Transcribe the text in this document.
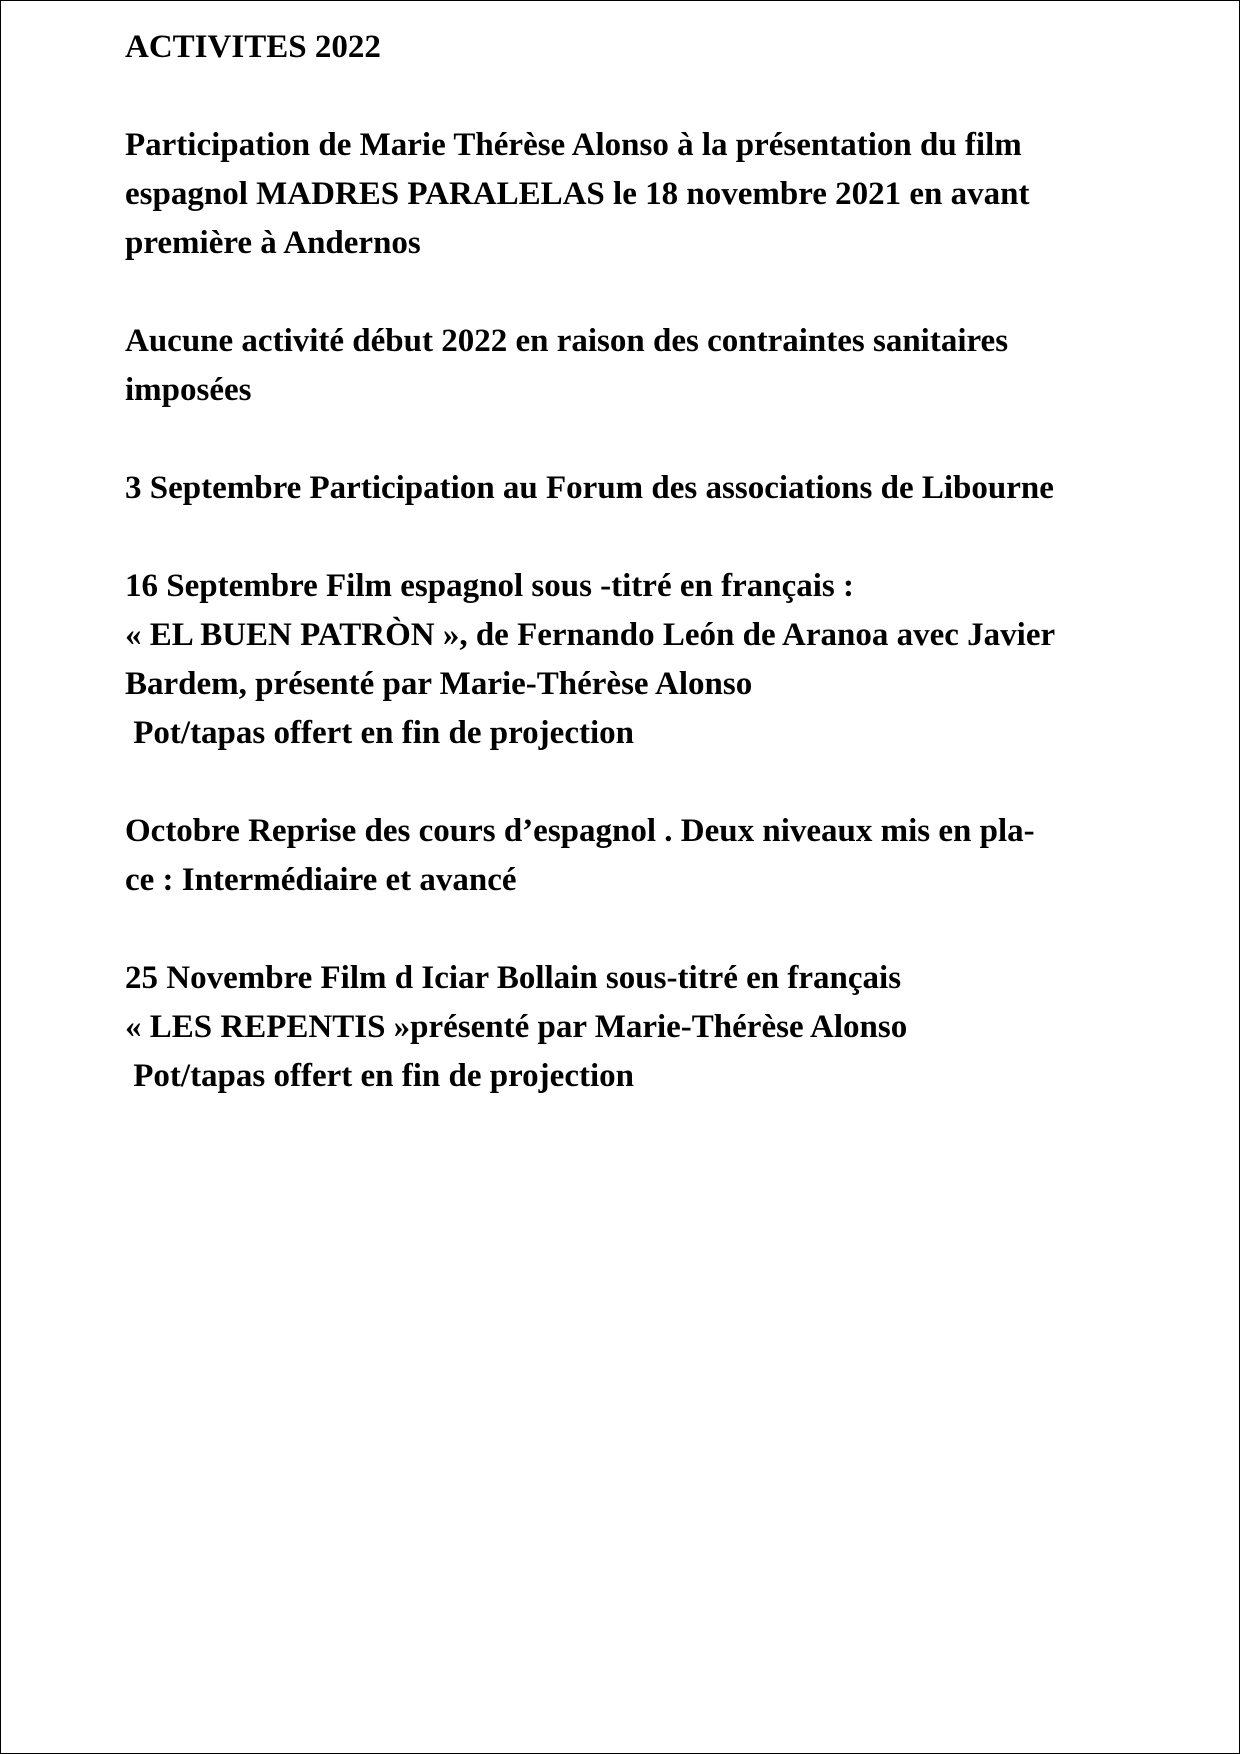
ACTIVITES 2022
Participation de Marie Thérèse Alonso à la présentation du film
espagnol MADRES PARALELAS le 18 novembre 2021 en avant
première à Andernos
Aucune activité début 2022 en raison des contraintes sanitaires
imposées
3 Septembre Participation au Forum des associations de Libourne
16 Septembre Film espagnol sous -titré en français :
« EL BUEN PATRÒN », de Fernando León de Aranoa avec Javier
Bardem, présenté par Marie-Thérèse Alonso
Pot/tapas offert en fin de projection
Octobre Reprise des cours d’espagnol . Deux niveaux mis en pla-
ce : Intermédiaire et avancé
25 Novembre Film d Iciar Bollain sous-titré en français
« LES REPENTIS »présenté par Marie-Thérèse Alonso
Pot/tapas offert en fin de projection
